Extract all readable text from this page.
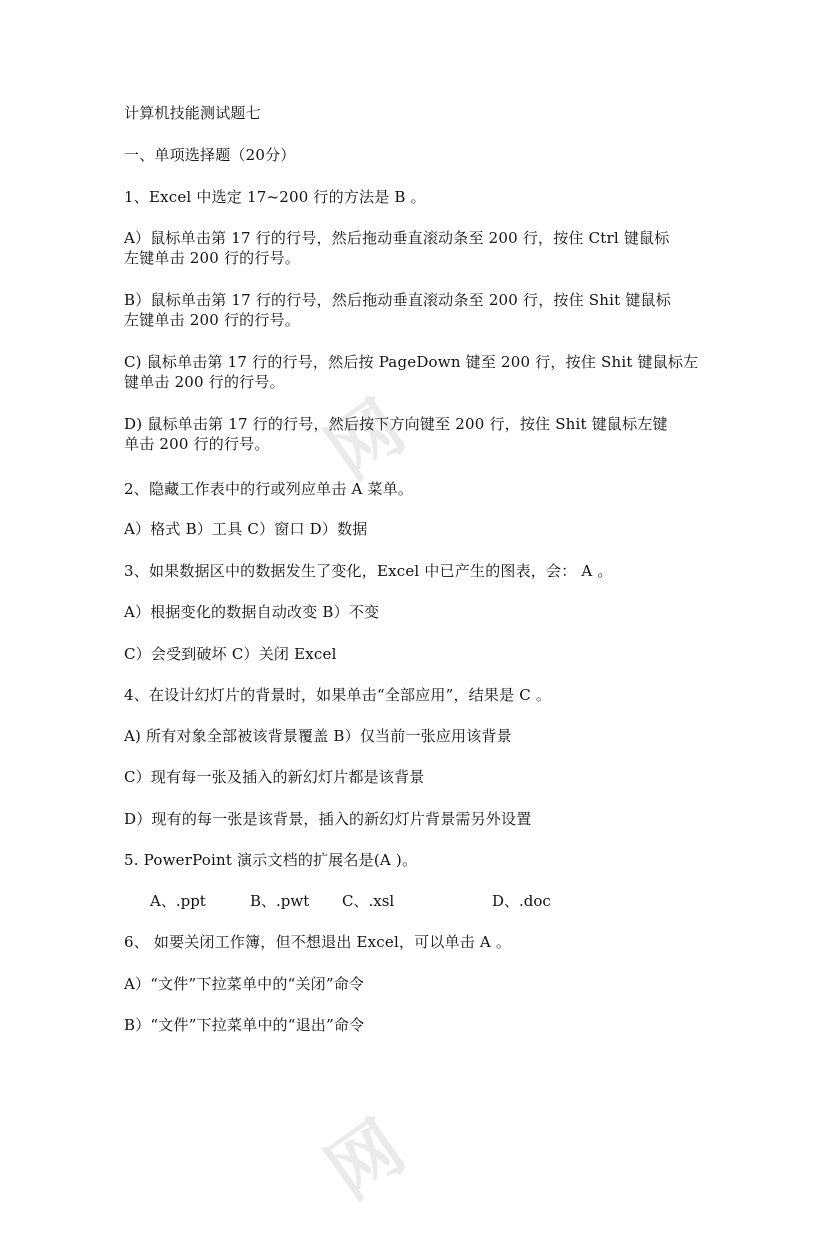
网
网
计算机技能测试题七
一、单项选择题（20分）
1、Excel 中选定 17~200 行的方法是 B 。
A）鼠标单击第 17 行的行号，然后拖动垂直滚动条至 200 行，按住 Ctrl 键鼠标
左键单击 200 行的行号。
B）鼠标单击第 17 行的行号，然后拖动垂直滚动条至 200 行，按住 Shit 键鼠标
左键单击 200 行的行号。
C) 鼠标单击第 17 行的行号，然后按 PageDown 键至 200 行，按住 Shit 键鼠标左
键单击 200 行的行号。
D) 鼠标单击第 17 行的行号，然后按下方向键至 200 行，按住 Shit 键鼠标左键
单击 200 行的行号。
2、隐藏工作表中的行或列应单击 A 菜单。
A）格式 B）工具 C）窗口 D）数据
3、如果数据区中的数据发生了变化，Excel 中已产生的图表，会： A 。
A）根据变化的数据自动改变 B）不变
C）会受到破坏 C）关闭 Excel
4、在设计幻灯片的背景时，如果单击“全部应用”，结果是 C 。
A) 所有对象全部被该背景覆盖 B）仅当前一张应用该背景
C）现有每一张及插入的新幻灯片都是该背景
D）现有的每一张是该背景，插入的新幻灯片背景需另外设置
5. PowerPoint 演示文档的扩展名是(A )。
A、.ppt	B、.pwt C、.xsl	D、.doc
6、 如要关闭工作簿，但不想退出 Excel，可以单击 A 。
A）“文件”下拉菜单中的“关闭”命令
B）“文件”下拉菜单中的“退出”命令
